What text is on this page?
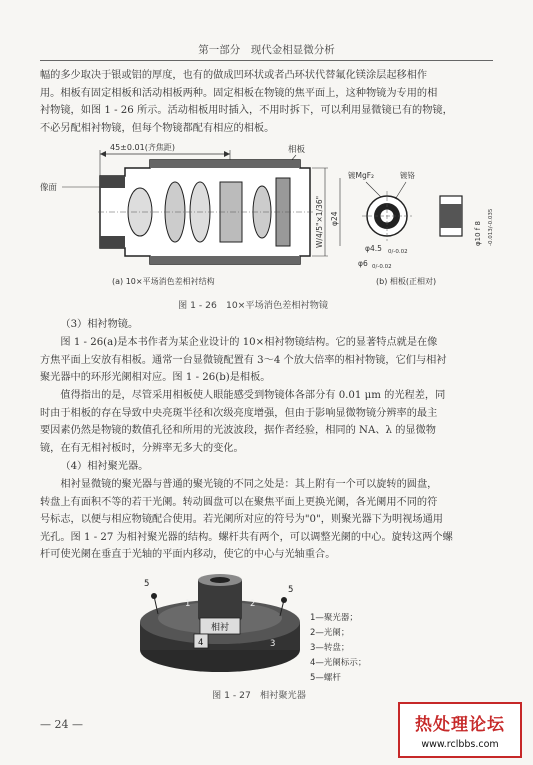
第一部分　现代金相显微分析

幅的多少取决于银或铝的厚度，也有的做成凹环状或者凸环状代替氟化镁涂层起移相作
用。相板有固定相板和活动相板两种。固定相板在物镜的焦平面上，这种物镜为专用的相
衬物镜，如图 1 - 26 所示。活动相板用时插入，不用时拆下，可以利用显微镜已有的物镜，
不必另配相衬物镜，但每个物镜都配有相应的相板。

45±0.01(齐焦距)	相板
像面
W/4/5"×1/36" φ24
镀MgF₂	镀铬
φ10 f 8 -0.013/-0.035
φ4.5 0/-0.02
φ6 0/-0.02
(a) 10×平场消色差相衬结构	(b) 相板(正相对)
图 1 - 26　10×平场消色差相衬物镜

（3）相衬物镜。

图 1 - 26(a)是本书作者为某企业设计的 10×相衬物镜结构。它的显著特点就是在像
方焦平面上安放有相板。通常一台显微镜配置有 3～4 个放大倍率的相衬物镜，它们与相衬
聚光器中的环形光阑相对应。图 1 - 26(b)是相板。

值得指出的是，尽管采用相板使人眼能感受到物镜体各部分有 0.01 μm 的光程差，同
时由于相板的存在导致中央亮斑半径和次级亮度增强，但由于影响显微物镜分辨率的最主
要因素仍然是物镜的数值孔径和所用的光波波段，据作者经验，相同的 NA、λ 的显微物
镜，在有无相衬板时，分辨率无多大的变化。

（4）相衬聚光器。

相衬显微镜的聚光器与普通的聚光镜的不同之处是：其上附有一个可以旋转的圆盘，
转盘上有面积不等的若干光阑。转动圆盘可以在聚焦平面上更换光阑，各光阑用不同的符
号标志，以便与相应物镜配合使用。若光阑所对应的符号为"0"，则聚光器下为明视场通用
光孔。图 1 - 27 为相衬聚光器的结构。螺杆共有两个，可以调整光阑的中心。旋转这两个螺
杆可使光阑在垂直于光轴的平面内移动，使它的中心与光轴重合。

相衬
5
5
1	2
3
4
1—聚光器；
2—光阑；
3—转盘；
4—光阑标示；
5—螺杆
图 1 - 27　相衬聚光器
— 24 —	热处理论坛
www.rclbbs.com
